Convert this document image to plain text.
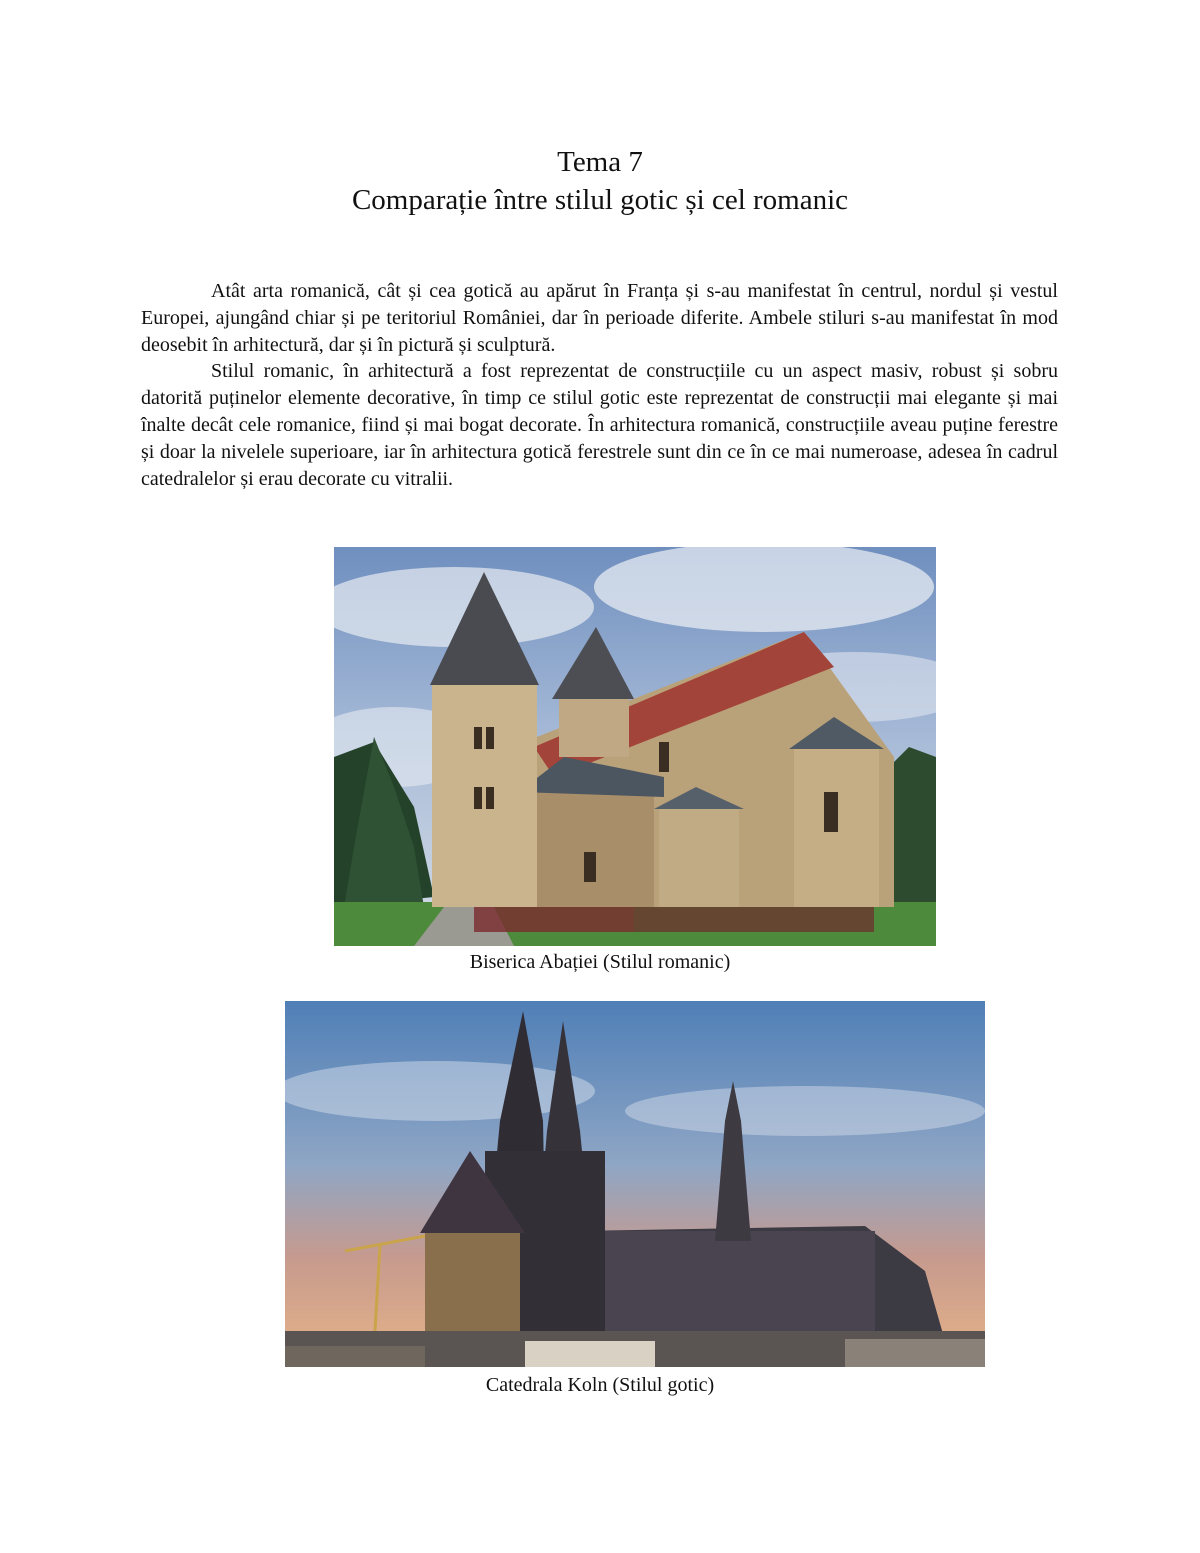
Tema 7
Comparație între stilul gotic și cel romanic

Atât arta romanică, cât și cea gotică au apărut în Franța și s-au manifestat în centrul, nordul și vestul Europei, ajungând chiar și pe teritoriul României, dar în perioade diferite. Ambele stiluri s-au manifestat în mod deosebit în arhitectură, dar și în pictură și sculptură.

Stilul romanic, în arhitectură a fost reprezentat de construcțiile cu un aspect masiv, robust și sobru datorită puținelor elemente decorative, în timp ce stilul gotic este reprezentat de construcții mai elegante și mai înalte decât cele romanice, fiind și mai bogat decorate. În arhitectura romanică, construcțiile aveau puține ferestre și doar la nivelele superioare, iar în arhitectura gotică ferestrele sunt din ce în ce mai numeroase, adesea în cadrul catedralelor și erau decorate cu vitralii.

Biserica Abației (Stilul romanic)
Catedrala Koln (Stilul gotic)
